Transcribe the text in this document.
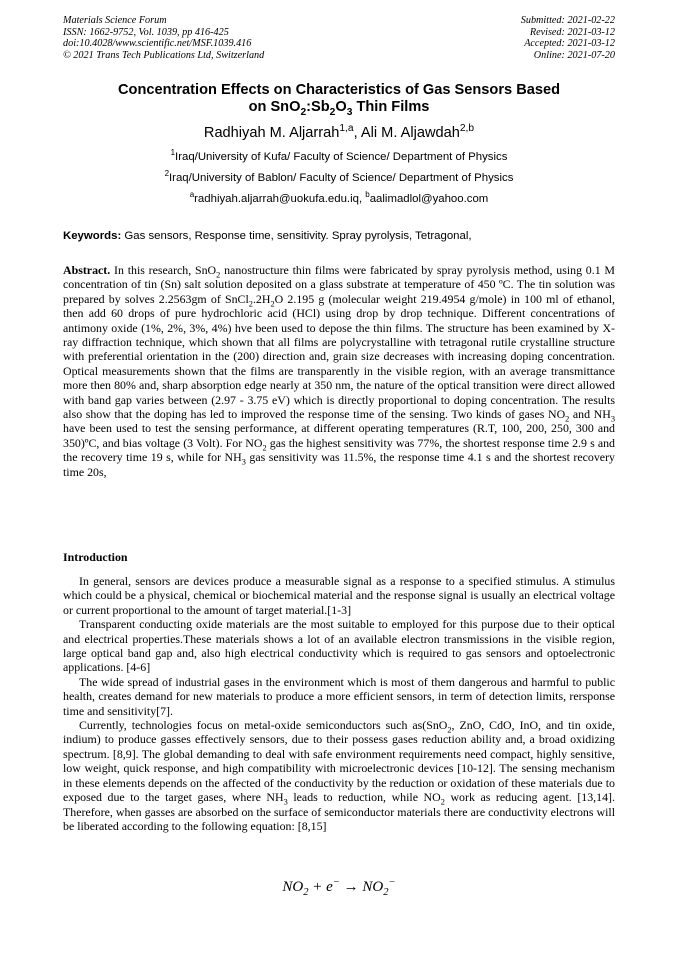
Materials Science Forum
ISSN: 1662-9752, Vol. 1039, pp 416-425
doi:10.4028/www.scientific.net/MSF.1039.416
© 2021 Trans Tech Publications Ltd, Switzerland
Submitted: 2021-02-22
Revised: 2021-03-12
Accepted: 2021-03-12
Online: 2021-07-20
Concentration Effects on Characteristics of Gas Sensors Based
on $SnO_2:Sb_2O_3$ Thin Films
Radhiyah M. Aljarrah$^{1,a}$, Ali M. Aljawdah$^{2,b}$
$^1$Iraq/University of Kufa/ Faculty of Science/ Department of Physics
$^2$Iraq/University of Bablon/ Faculty of Science/ Department of Physics
$^a$radhiyah.aljarrah@uokufa.edu.iq, $^b$aalimadlol@yahoo.com
Keywords: Gas sensors, Response time, sensitivity. Spray pyrolysis, Tetragonal,
Abstract. In this research, SnO$_2$ nanostructure thin films were fabricated by spray pyrolysis method, using 0.1 M concentration of tin (Sn) salt solution deposited on a glass substrate at temperature of 450 ºC. The tin solution was prepared by solves 2.2563gm of $SnCl_2.2H_2O$ 2.195 g (molecular weight 219.4954 g/mole) in 100 ml of ethanol, then add 60 drops of pure hydrochloric acid (HCl) using drop by drop technique. Different concentrations of antimony oxide (1%, 2%, 3%, 4%) hve been used to depose the thin films. The structure has been examined by X-ray diffraction technique, which shown that all films are polycrystalline with tetragonal rutile crystalline structure with preferential orientation in the (200) direction and, grain size decreases with increasing doping concentration. Optical measurements shown that the films are transparently in the visible region, with an average transmittance more then 80% and, sharp absorption edge nearly at 350 nm, the nature of the optical transition were direct allowed with band gap varies between (2.97 - 3.75 eV) which is directly proportional to doping concentration. The results also show that the doping has led to improved the response time of the sensing. Two kinds of gases $NO_2$ and $NH_3$ have been used to test the sensing performance, at different operating temperatures (R.T, 100, 200, 250, 300 and 350)ºC, and bias voltage (3 Volt). For $NO_2$ gas the highest sensitivity was 77%, the shortest response time 2.9 s and the recovery time 19 s, while for $NH_3$ gas sensitivity was 11.5%, the response time 4.1 s and the shortest recovery time 20s,
Introduction

In general, sensors are devices produce a measurable signal as a response to a specified stimulus. A stimulus which could be a physical, chemical or biochemical material and the response signal is usually an electrical voltage or current proportional to the amount of target material.[1-3]

Transparent conducting oxide materials are the most suitable to employed for this purpose due to their optical and electrical properties.These materials shows a lot of an available electron transmissions in the visible region, large optical band gap and, also high electrical conductivity which is required to gas sensors and optoelectronic applications. [4-6]

The wide spread of industrial gases in the environment which is most of them dangerous and harmful to public health, creates demand for new materials to produce a more efficient sensors, in term of detection limits, rersponse time and sensitivity[7].

Currently, technologies focus on metal-oxide semiconductors such as(SnO$_2$, ZnO, CdO, InO, and tin oxide, indium) to produce gasses effectively sensors, due to their possess gases reduction ability and, a broad oxidizing spectrum. [8,9]. The global demanding to deal with safe environment requirements need compact, highly sensitive, low weight, quick response, and high compatibility with microelectronic devices [10-12]. The sensing mechanism in these elements depends on the affected of the conductivity by the reduction or oxidation of these materials due to exposed due to the target gases, where $NH_3$ leads to reduction, while $NO_2$ work as reducing agent. [13,14]. Therefore, when gasses are absorbed on the surface of semiconductor materials there are conductivity electrons will be liberated according to the following equation: [8,15]

$NO_2 + e^- \to NO_2^-$
